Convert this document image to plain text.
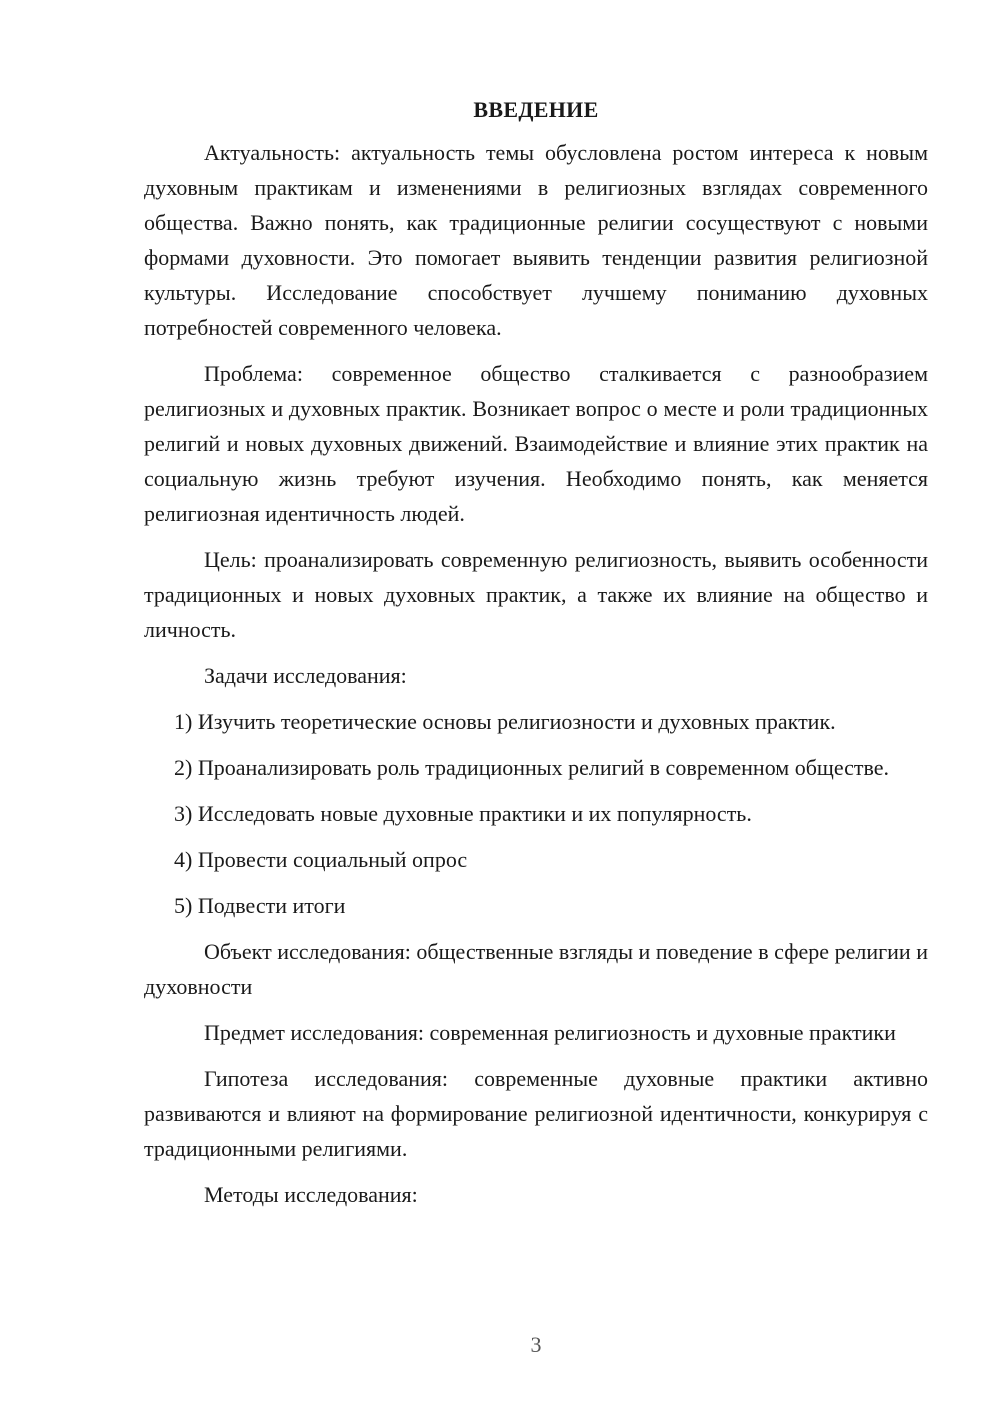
ВВЕДЕНИЕ

Актуальность: актуальность темы обусловлена ростом интереса к новым духовным практикам и изменениями в религиозных взглядах современного общества. Важно понять, как традиционные религии сосуществуют с новыми формами духовности. Это помогает выявить тенденции развития религиозной культуры. Исследование способствует лучшему пониманию духовных потребностей современного человека.

Проблема: современное общество сталкивается с разнообразием религиозных и духовных практик. Возникает вопрос о месте и роли традиционных религий и новых духовных движений. Взаимодействие и влияние этих практик на социальную жизнь требуют изучения. Необходимо понять, как меняется религиозная идентичность людей.

Цель: проанализировать современную религиозность, выявить особенности традиционных и новых духовных практик, а также их влияние на общество и личность.

Задачи исследования:

1) Изучить теоретические основы религиозности и духовных практик.

2) Проанализировать роль традиционных религий в современном обществе.

3) Исследовать новые духовные практики и их популярность.

4) Провести социальный опрос

5) Подвести итоги

Объект исследования: общественные взгляды и поведение в сфере религии и духовности

Предмет исследования: современная религиозность и духовные практики

Гипотеза исследования: современные духовные практики активно развиваются и влияют на формирование религиозной идентичности, конкурируя с традиционными религиями.

Методы исследования:

3
